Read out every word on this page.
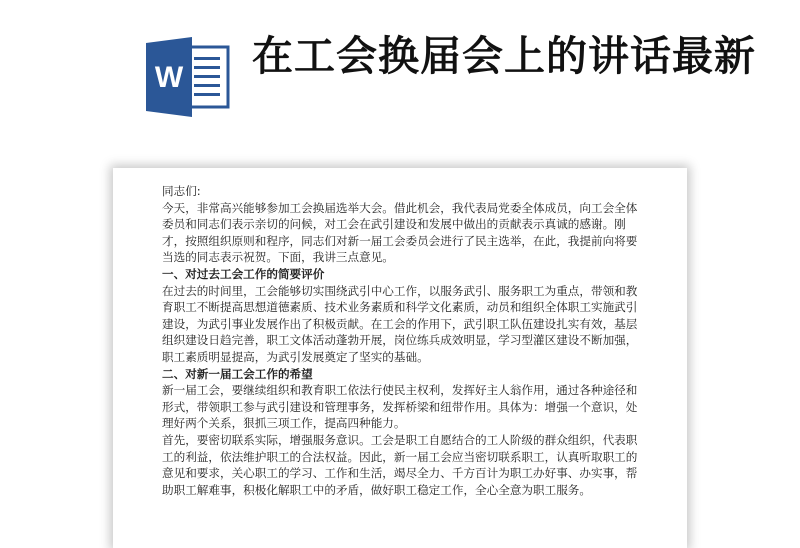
W 在工会换届会上的讲话最新

同志们:

今天，非常高兴能够参加工会换届选举大会。借此机会，我代表局党委全体成员，向工会全体委员和同志们表示亲切的问候，对工会在武引建设和发展中做出的贡献表示真诚的感谢。刚才，按照组织原则和程序，同志们对新一届工会委员会进行了民主选举，在此，我提前向将要当选的同志表示祝贺。下面，我讲三点意见。

一、对过去工会工作的简要评价

在过去的时间里，工会能够切实围绕武引中心工作，以服务武引、服务职工为重点，带领和教育职工不断提高思想道德素质、技术业务素质和科学文化素质，动员和组织全体职工实施武引建设，为武引事业发展作出了积极贡献。在工会的作用下，武引职工队伍建设扎实有效，基层组织建设日趋完善，职工文体活动蓬勃开展，岗位练兵成效明显，学习型灌区建设不断加强，职工素质明显提高，为武引发展奠定了坚实的基础。

二、对新一届工会工作的希望

新一届工会，要继续组织和教育职工依法行使民主权利，发挥好主人翁作用，通过各种途径和形式，带领职工参与武引建设和管理事务，发挥桥梁和纽带作用。具体为：增强一个意识，处理好两个关系，狠抓三项工作，提高四种能力。

首先，要密切联系实际，增强服务意识。工会是职工自愿结合的工人阶级的群众组织，代表职工的利益，依法维护职工的合法权益。因此，新一届工会应当密切联系职工，认真听取职工的意见和要求，关心职工的学习、工作和生活，竭尽全力、千方百计为职工办好事、办实事，帮助职工解难事，积极化解职工中的矛盾，做好职工稳定工作，全心全意为职工服务。
